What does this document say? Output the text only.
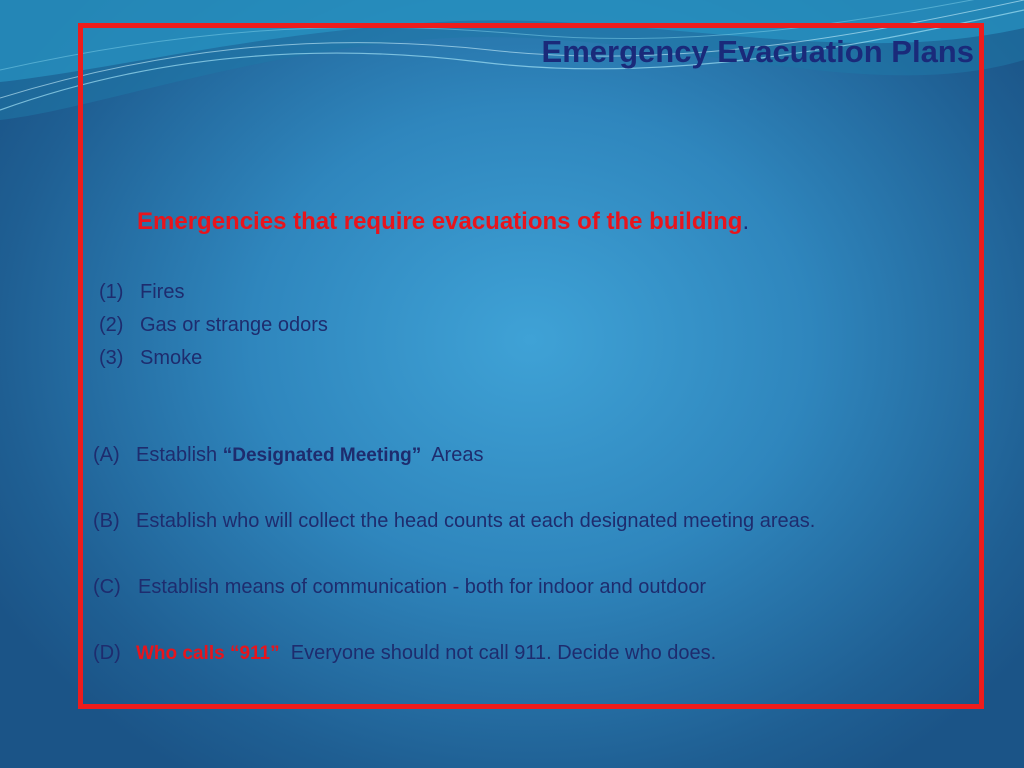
Emergency Evacuation Plans
Emergencies that require evacuations of the building.
(1) Fires
(2) Gas or strange odors
(3) Smoke
(A) Establish “Designated Meeting”  Areas
(B) Establish who will collect the head counts at each designated meeting areas.
(C) Establish means of communication - both for indoor and outdoor
(D) Who calls “911”  Everyone should not call 911. Decide who does.
